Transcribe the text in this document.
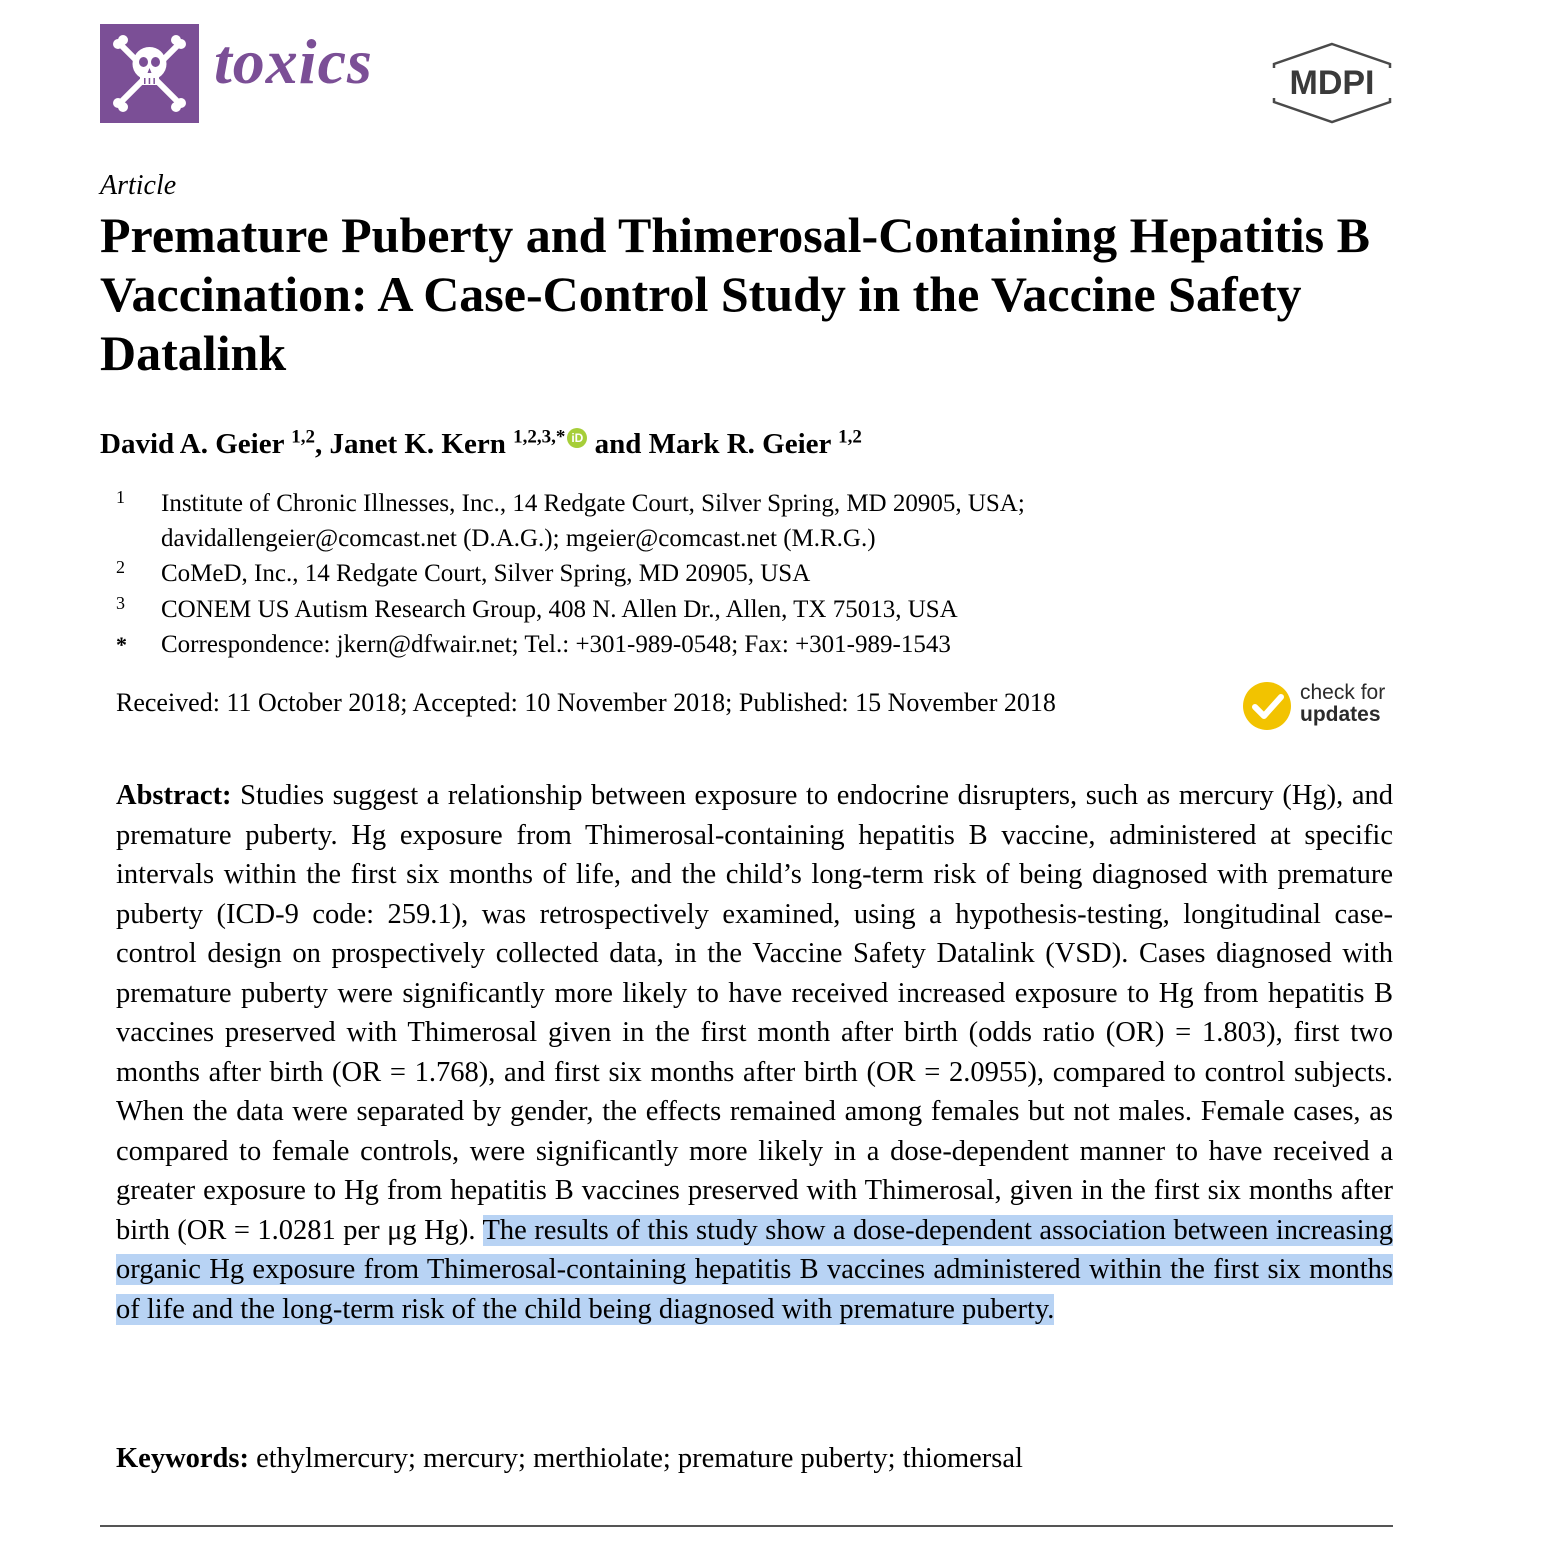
toxics	MDPI
Article
Premature Puberty and Thimerosal-Containing Hepatitis B Vaccination: A Case-Control Study in the Vaccine Safety Datalink
David A. Geier $^{1,2}$, Janet K. Kern $^{1,2,3,*}$ iD and Mark R. Geier $^{1,2}$
1	Institute of Chronic Illnesses, Inc., 14 Redgate Court, Silver Spring, MD 20905, USA;
davidallengeier@comcast.net (D.A.G.); mgeier@comcast.net (M.R.G.)
2	CoMeD, Inc., 14 Redgate Court, Silver Spring, MD 20905, USA
3	CONEM US Autism Research Group, 408 N. Allen Dr., Allen, TX 75013, USA
*	Correspondence: jkern@dfwair.net; Tel.: +301-989-0548; Fax: +301-989-1543
Received: 11 October 2018; Accepted: 10 November 2018; Published: 15 November 2018	check for
updates
Abstract: Studies suggest a relationship between exposure to endocrine disrupters, such as mercury (Hg), and premature puberty. Hg exposure from Thimerosal-containing hepatitis B vaccine, administered at specific intervals within the first six months of life, and the child’s long-term risk of being diagnosed with premature puberty (ICD-9 code: 259.1), was retrospectively examined, using a hypothesis-testing, longitudinal case-control design on prospectively collected data, in the Vaccine Safety Datalink (VSD). Cases diagnosed with premature puberty were significantly more likely to have received increased exposure to Hg from hepatitis B vaccines preserved with Thimerosal given in the first month after birth (odds ratio (OR) = 1.803), first two months after birth (OR = 1.768), and first six months after birth (OR = 2.0955), compared to control subjects. When the data were separated by gender, the effects remained among females but not males. Female cases, as compared to female controls, were significantly more likely in a dose-dependent manner to have received a greater exposure to Hg from hepatitis B vaccines preserved with Thimerosal, given in the first six months after birth (OR = 1.0281 per μg Hg). The results of this study show a dose-dependent association between increasing organic Hg exposure from Thimerosal-containing hepatitis B vaccines administered within the first six months of life and the long-term risk of the child being diagnosed with premature puberty.
Keywords: ethylmercury; mercury; merthiolate; premature puberty; thiomersal
